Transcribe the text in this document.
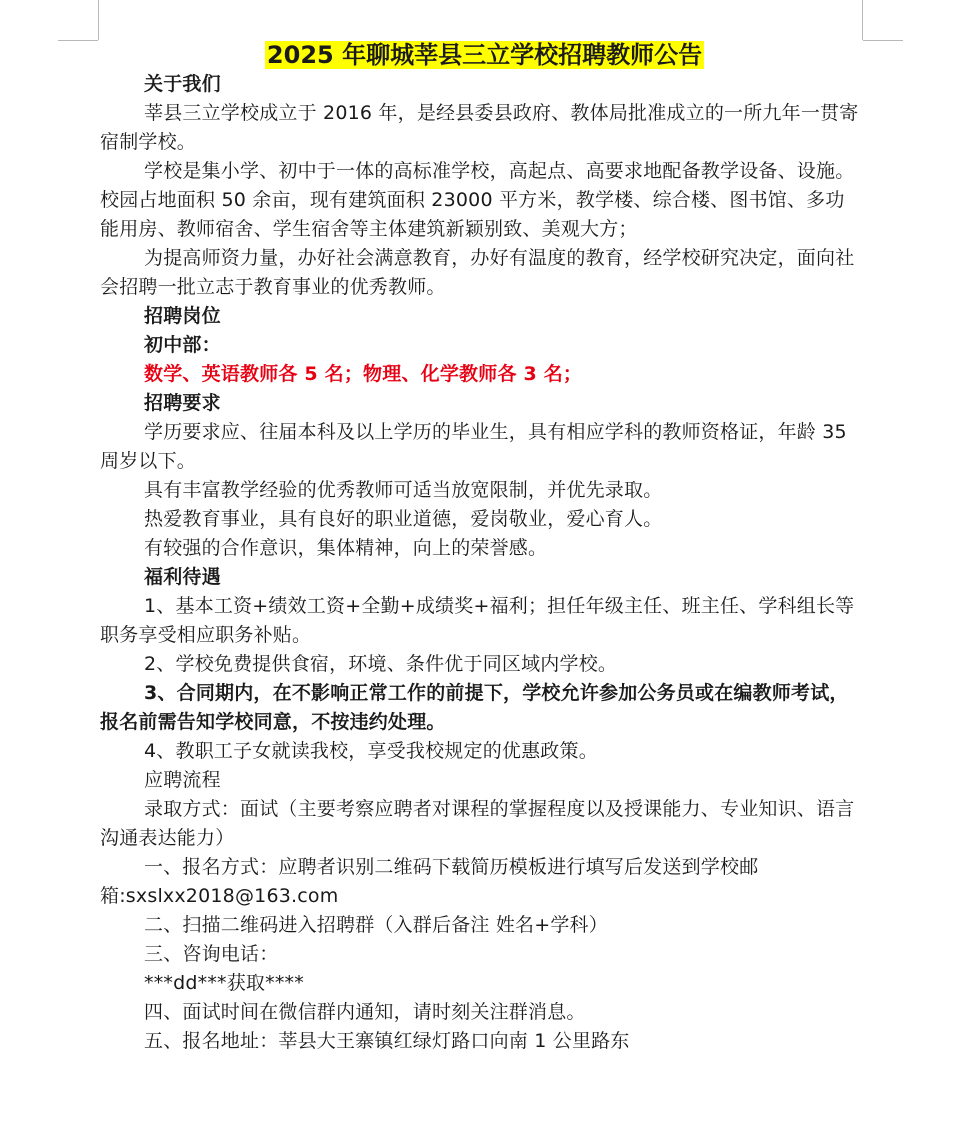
2025 年聊城莘县三立学校招聘教师公告

关于我们

莘县三立学校成立于 2016 年，是经县委县政府、教体局批准成立的一所九年一贯寄宿制学校。

学校是集小学、初中于一体的高标准学校，高起点、高要求地配备教学设备、设施。校园占地面积 50 余亩，现有建筑面积 23000 平方米，教学楼、综合楼、图书馆、多功能用房、教师宿舍、学生宿舍等主体建筑新颖别致、美观大方；

为提高师资力量，办好社会满意教育，办好有温度的教育，经学校研究决定，面向社会招聘一批立志于教育事业的优秀教师。

招聘岗位

初中部：

数学、英语教师各 5 名；物理、化学教师各 3 名；

招聘要求

学历要求应、往届本科及以上学历的毕业生，具有相应学科的教师资格证，年龄 35 周岁以下。

具有丰富教学经验的优秀教师可适当放宽限制，并优先录取。

热爱教育事业，具有良好的职业道德，爱岗敬业，爱心育人。

有较强的合作意识，集体精神，向上的荣誉感。

福利待遇

1、基本工资+绩效工资+全勤+成绩奖+福利；担任年级主任、班主任、学科组长等职务享受相应职务补贴。

2、学校免费提供食宿，环境、条件优于同区域内学校。

3、合同期内，在不影响正常工作的前提下，学校允许参加公务员或在编教师考试，报名前需告知学校同意，不按违约处理。

4、教职工子女就读我校，享受我校规定的优惠政策。

应聘流程

录取方式：面试（主要考察应聘者对课程的掌握程度以及授课能力、专业知识、语言沟通表达能力）

一、报名方式：应聘者识别二维码下载简历模板进行填写后发送到学校邮箱:sxslxx2018@163.com

二、扫描二维码进入招聘群（入群后备注 姓名+学科）

三、咨询电话：

***dd***获取****

四、面试时间在微信群内通知，请时刻关注群消息。

五、报名地址：莘县大王寨镇红绿灯路口向南 1 公里路东
